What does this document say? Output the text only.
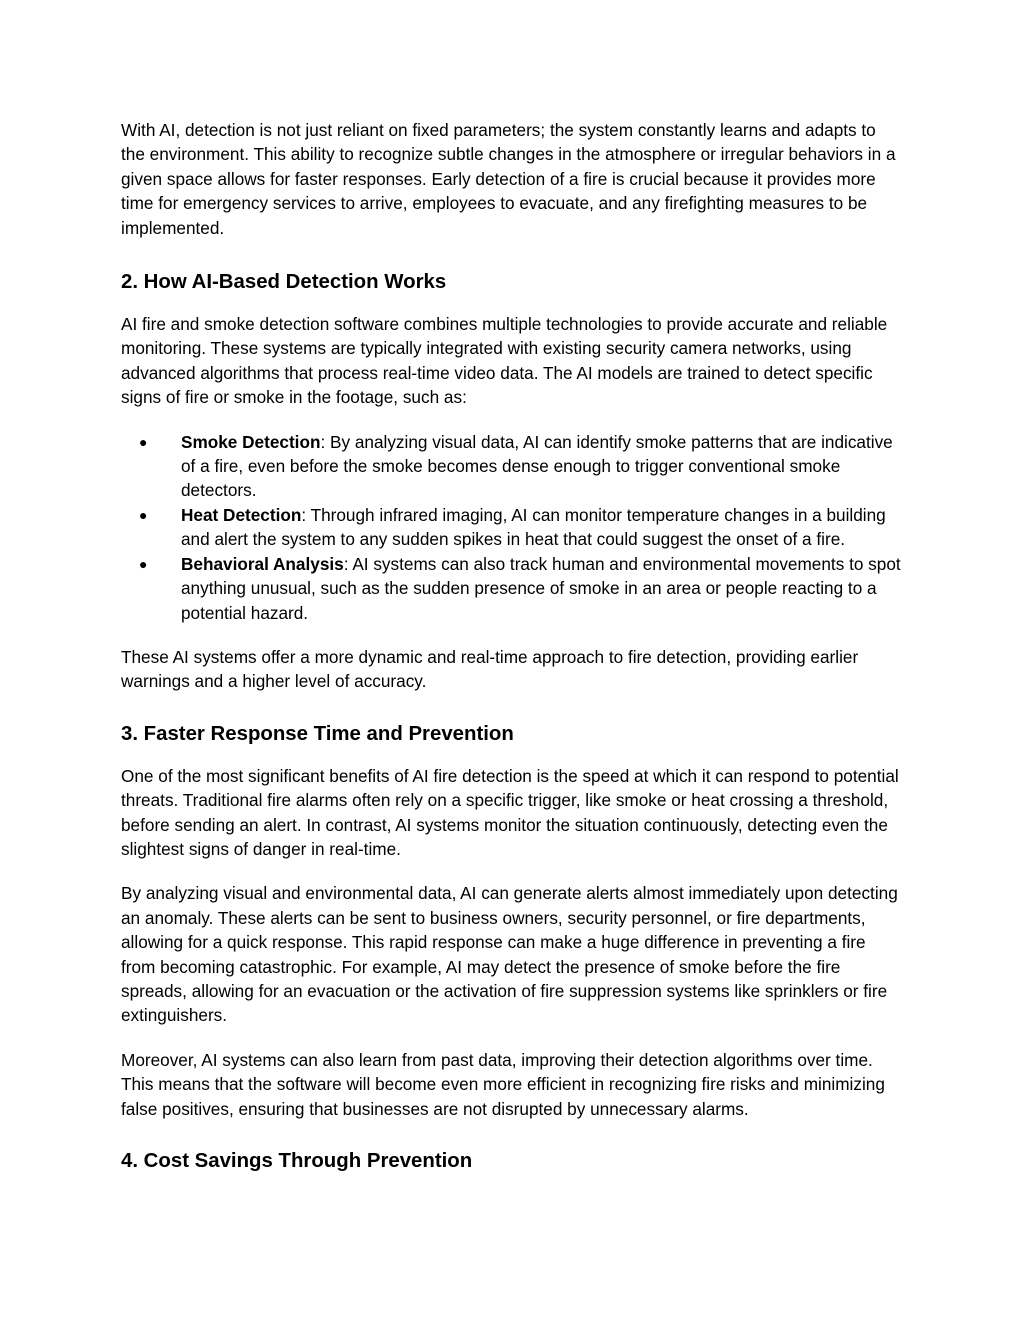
With AI, detection is not just reliant on fixed parameters; the system constantly learns and adapts to the environment. This ability to recognize subtle changes in the atmosphere or irregular behaviors in a given space allows for faster responses. Early detection of a fire is crucial because it provides more time for emergency services to arrive, employees to evacuate, and any firefighting measures to be implemented.

2. How AI-Based Detection Works

AI fire and smoke detection software combines multiple technologies to provide accurate and reliable monitoring. These systems are typically integrated with existing security camera networks, using advanced algorithms that process real-time video data. The AI models are trained to detect specific signs of fire or smoke in the footage, such as:

● Smoke Detection: By analyzing visual data, AI can identify smoke patterns that are indicative of a fire, even before the smoke becomes dense enough to trigger conventional smoke detectors.
● Heat Detection: Through infrared imaging, AI can monitor temperature changes in a building and alert the system to any sudden spikes in heat that could suggest the onset of a fire.
● Behavioral Analysis: AI systems can also track human and environmental movements to spot anything unusual, such as the sudden presence of smoke in an area or people reacting to a potential hazard.

These AI systems offer a more dynamic and real-time approach to fire detection, providing earlier warnings and a higher level of accuracy.

3. Faster Response Time and Prevention

One of the most significant benefits of AI fire detection is the speed at which it can respond to potential threats. Traditional fire alarms often rely on a specific trigger, like smoke or heat crossing a threshold, before sending an alert. In contrast, AI systems monitor the situation continuously, detecting even the slightest signs of danger in real-time.

By analyzing visual and environmental data, AI can generate alerts almost immediately upon detecting an anomaly. These alerts can be sent to business owners, security personnel, or fire departments, allowing for a quick response. This rapid response can make a huge difference in preventing a fire from becoming catastrophic. For example, AI may detect the presence of smoke before the fire spreads, allowing for an evacuation or the activation of fire suppression systems like sprinklers or fire extinguishers.

Moreover, AI systems can also learn from past data, improving their detection algorithms over time. This means that the software will become even more efficient in recognizing fire risks and minimizing false positives, ensuring that businesses are not disrupted by unnecessary alarms.

4. Cost Savings Through Prevention
